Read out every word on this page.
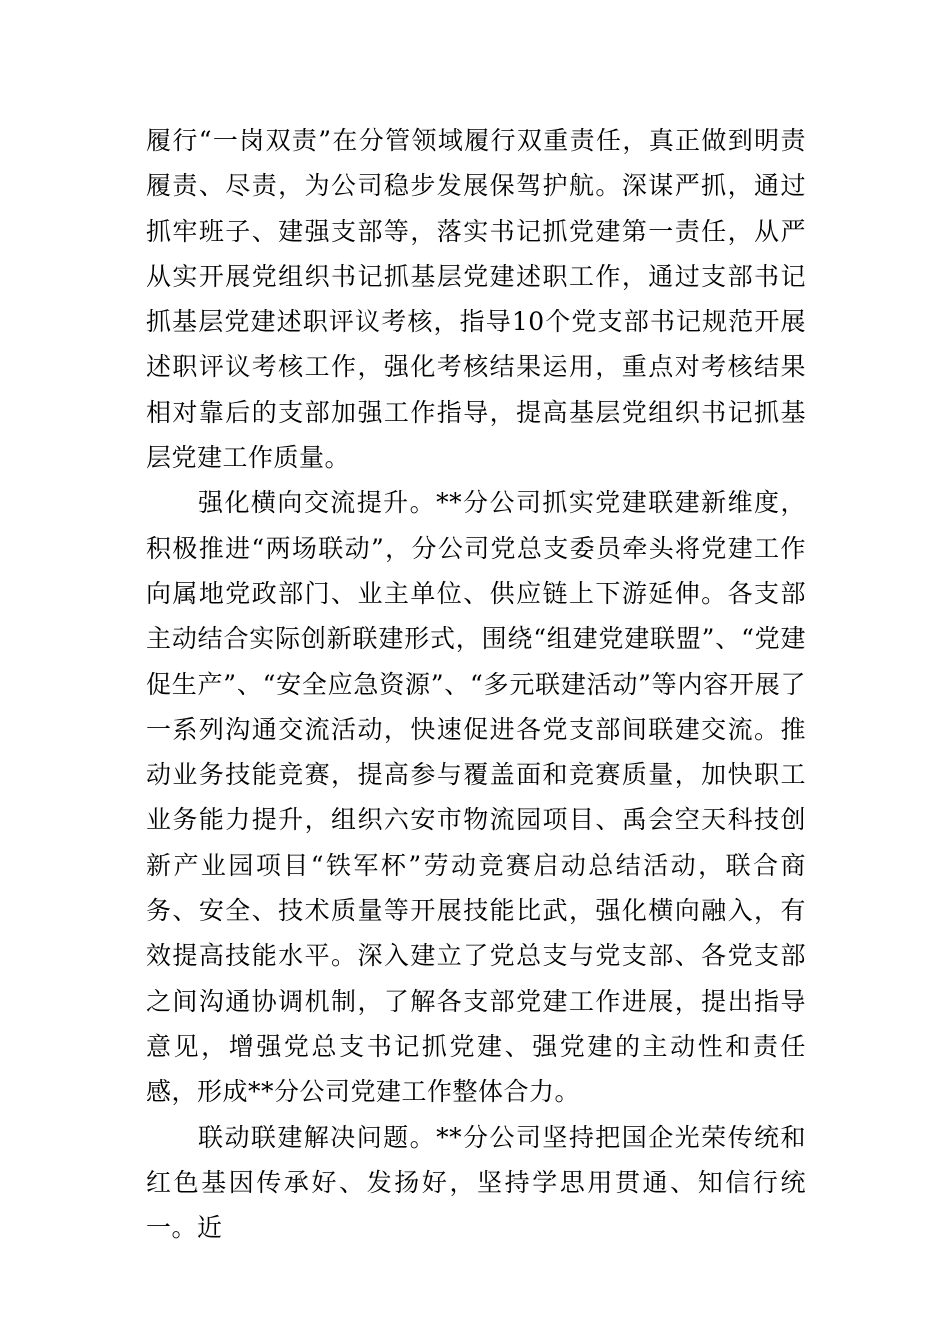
履行“一岗双责”在分管领域履行双重责任，真正做到明责履责、尽责，为公司稳步发展保驾护航。深谋严抓，通过抓牢班子、建强支部等，落实书记抓党建第一责任，从严从实开展党组织书记抓基层党建述职工作，通过支部书记抓基层党建述职评议考核，指导10个党支部书记规范开展述职评议考核工作，强化考核结果运用，重点对考核结果相对靠后的支部加强工作指导，提高基层党组织书记抓基层党建工作质量。

强化横向交流提升。**分公司抓实党建联建新维度，积极推进“两场联动”，分公司党总支委员牵头将党建工作向属地党政部门、业主单位、供应链上下游延伸。各支部主动结合实际创新联建形式，围绕“组建党建联盟”、“党建促生产”、“安全应急资源”、“多元联建活动”等内容开展了一系列沟通交流活动，快速促进各党支部间联建交流。推动业务技能竞赛，提高参与覆盖面和竞赛质量，加快职工业务能力提升，组织六安市物流园项目、禹会空天科技创新产业园项目“铁军杯”劳动竞赛启动总结活动，联合商务、安全、技术质量等开展技能比武，强化横向融入，有效提高技能水平。深入建立了党总支与党支部、各党支部之间沟通协调机制，了解各支部党建工作进展，提出指导意见，增强党总支书记抓党建、强党建的主动性和责任感，形成**分公司党建工作整体合力。

联动联建解决问题。**分公司坚持把国企光荣传统和红色基因传承好、发扬好，坚持学思用贯通、知信行统一。近
